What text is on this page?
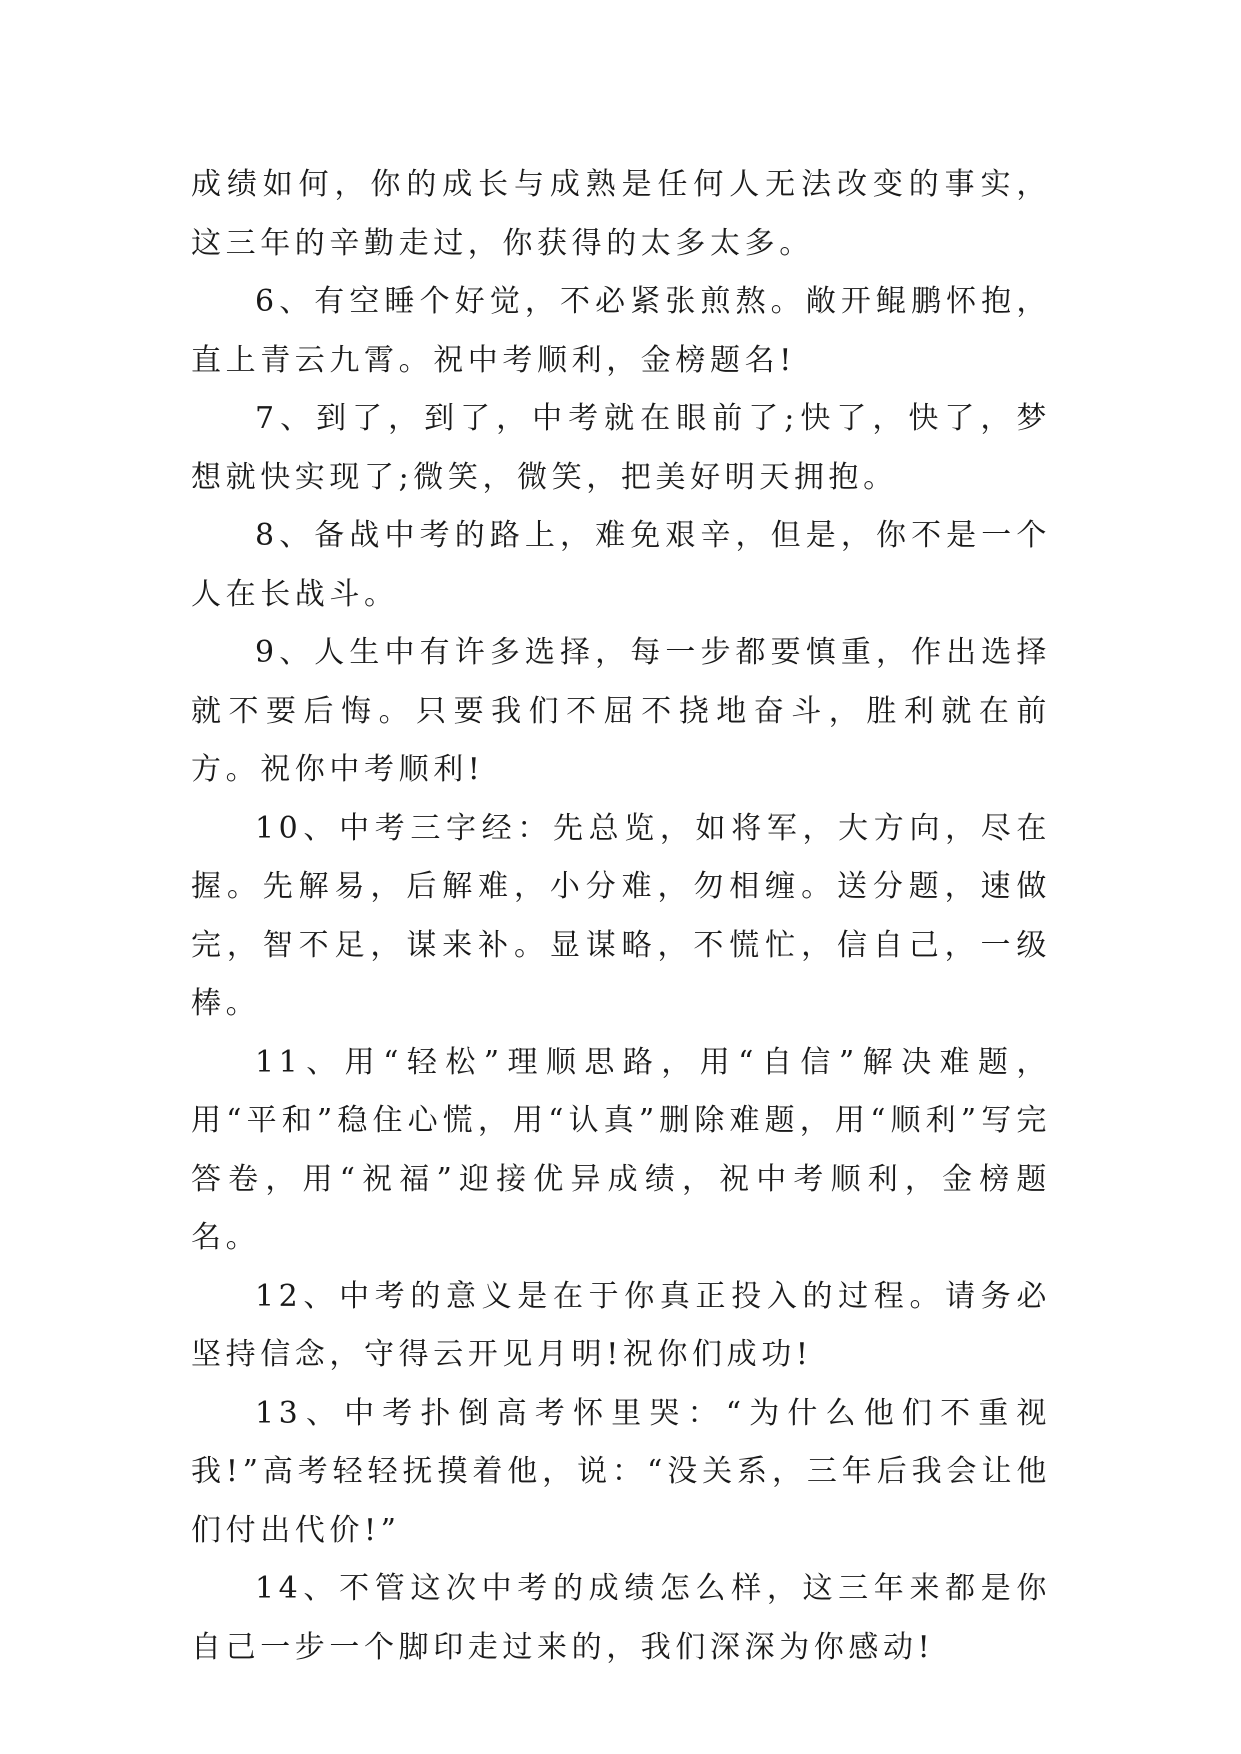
成绩如何，你的成长与成熟是任何人无法改变的事实，这三年的辛勤走过，你获得的太多太多。

6、有空睡个好觉，不必紧张煎熬。敞开鲲鹏怀抱，直上青云九霄。祝中考顺利，金榜题名!

7、到了，到了，中考就在眼前了;快了，快了，梦想就快实现了;微笑，微笑，把美好明天拥抱。

8、备战中考的路上，难免艰辛，但是，你不是一个人在长战斗。

9、人生中有许多选择，每一步都要慎重，作出选择就不要后悔。只要我们不屈不挠地奋斗，胜利就在前方。祝你中考顺利!

10、中考三字经：先总览，如将军，大方向，尽在握。先解易，后解难，小分难，勿相缠。送分题，速做完，智不足，谋来补。显谋略，不慌忙，信自己，一级棒。

11、用“轻松”理顺思路，用“自信”解决难题，用“平和”稳住心慌，用“认真”删除难题，用“顺利”写完答卷，用“祝福”迎接优异成绩，祝中考顺利，金榜题名。

12、中考的意义是在于你真正投入的过程。请务必坚持信念，守得云开见月明!祝你们成功!

13、中考扑倒高考怀里哭：“为什么他们不重视我!”高考轻轻抚摸着他，说：“没关系，三年后我会让他们付出代价!”

14、不管这次中考的成绩怎么样，这三年来都是你自己一步一个脚印走过来的，我们深深为你感动!
